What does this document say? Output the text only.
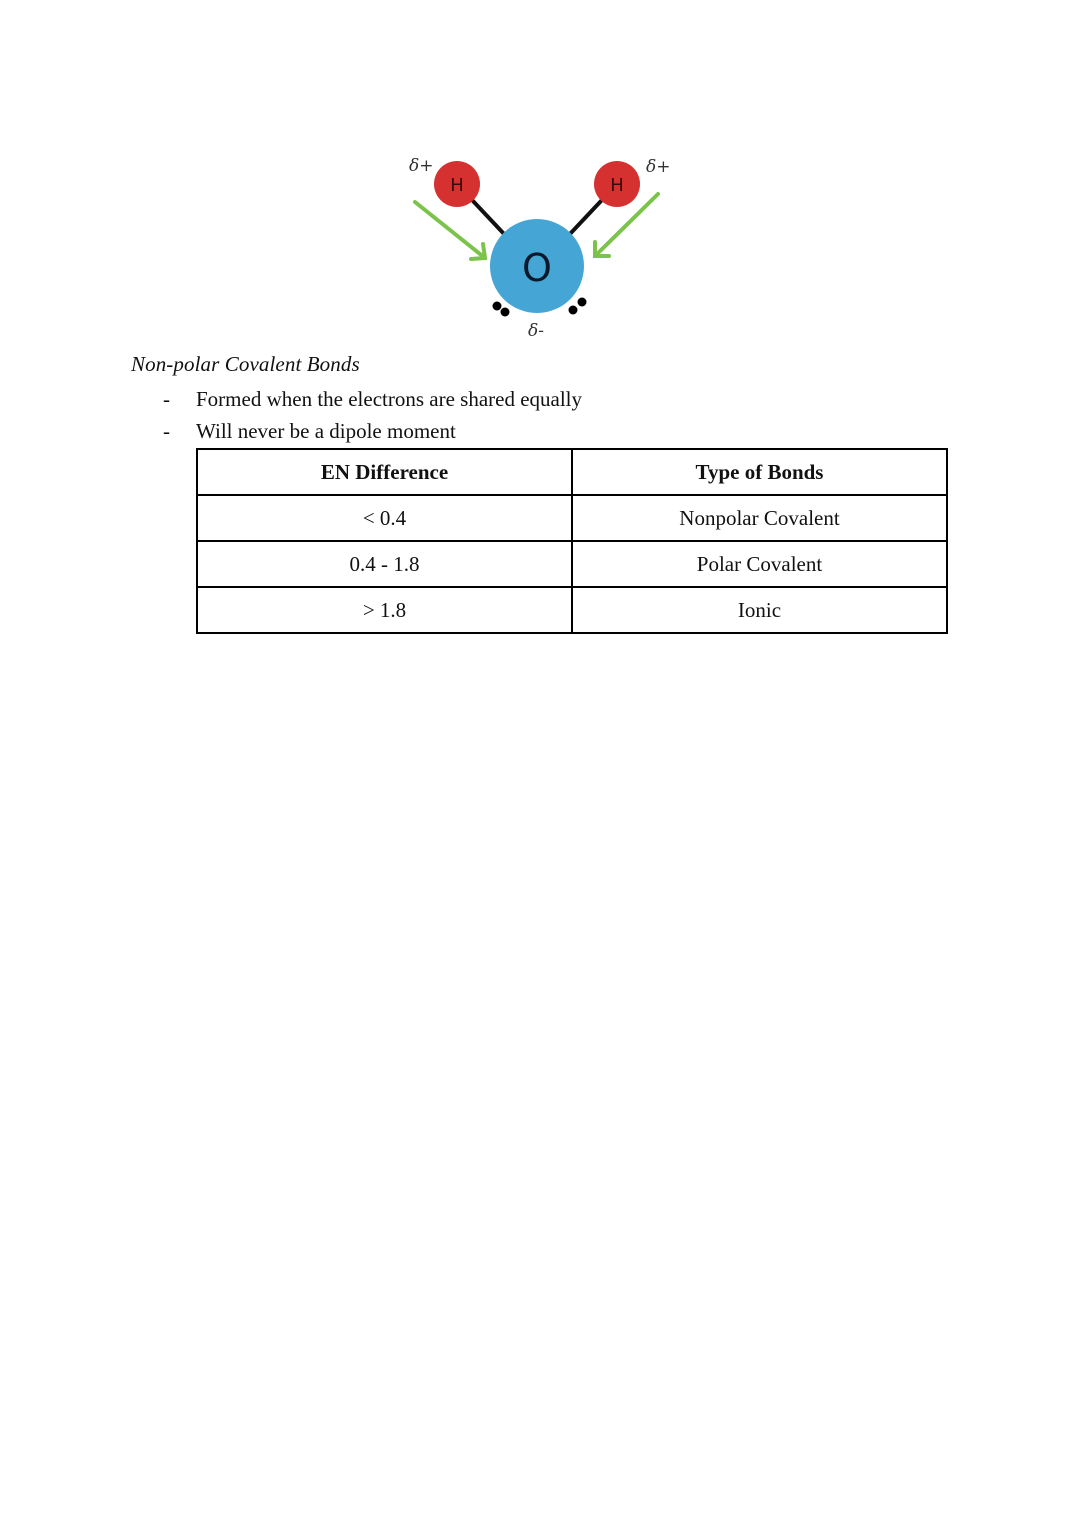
O
H	H
δ+	δ+
δ-
Non-polar Covalent Bonds
-	Formed when the electrons are shared equally
-	Will never be a dipole moment
EN Difference	Type of Bonds
< 0.4	Nonpolar Covalent
0.4 - 1.8	Polar Covalent
> 1.8	Ionic
